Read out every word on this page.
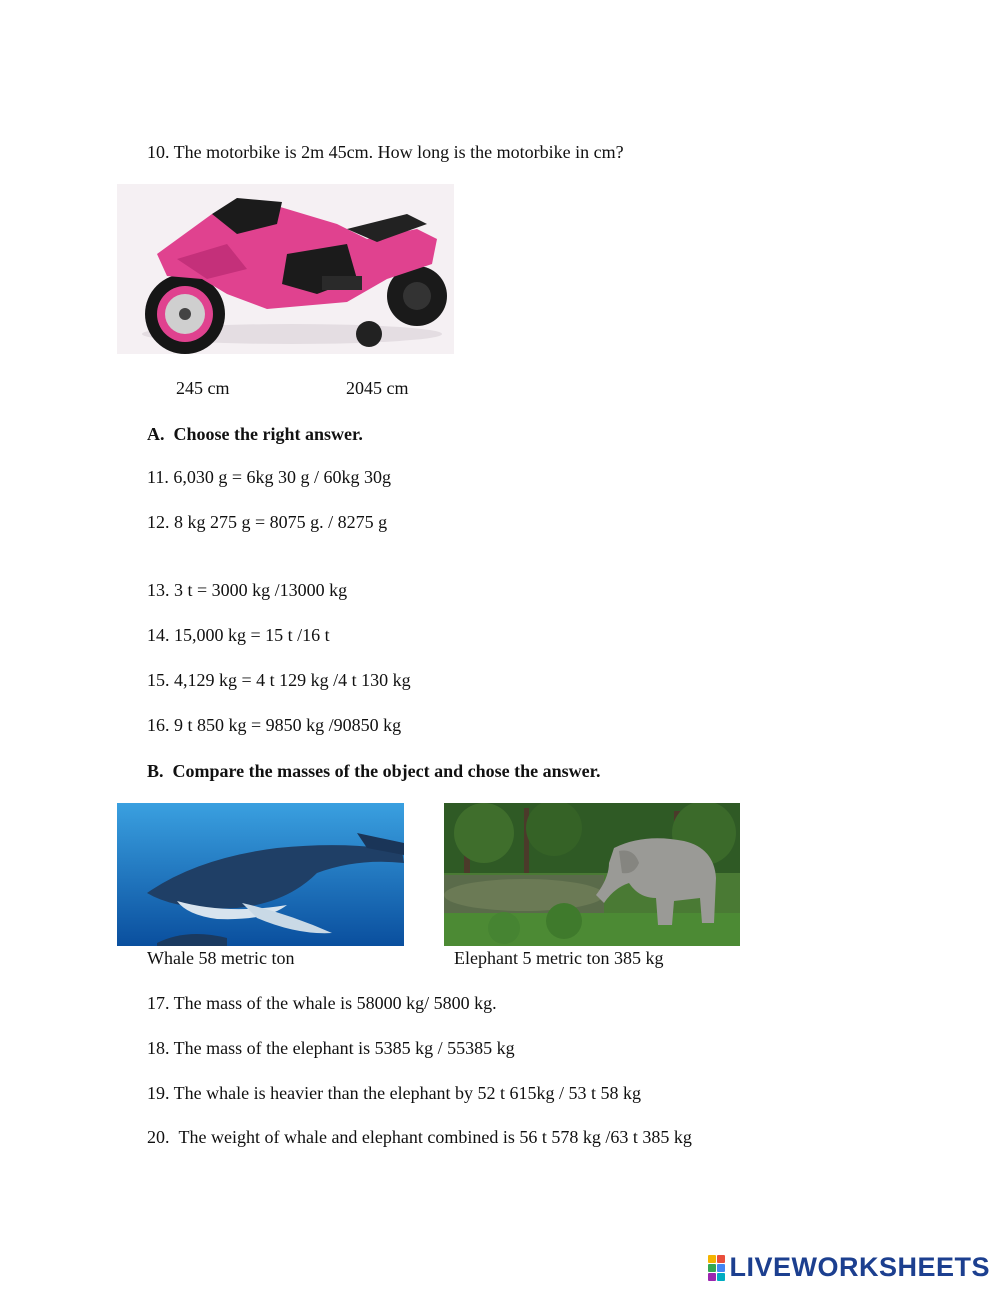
10. The motorbike is 2m 45cm. How long is the motorbike in cm?
245 cm	2045 cm
A.  Choose the right answer.
11. 6,030 g = 6kg 30 g / 60kg 30g
12. 8 kg 275 g = 8075 g. / 8275 g
13. 3 t = 3000 kg /13000 kg
14. 15,000 kg = 15 t /16 t
15. 4,129 kg = 4 t 129 kg /4 t 130 kg
16. 9 t 850 kg = 9850 kg /90850 kg
B.  Compare the masses of the object and chose the answer.
Whale 58 metric ton	Elephant 5 metric ton 385 kg
17. The mass of the whale is 58000 kg/ 5800 kg.
18. The mass of the elephant is 5385 kg / 55385 kg
19. The whale is heavier than the elephant by 52 t 615kg / 53 t 58 kg
20.  The weight of whale and elephant combined is 56 t 578 kg /63 t 385 kg
LIVEWORKSHEETS
